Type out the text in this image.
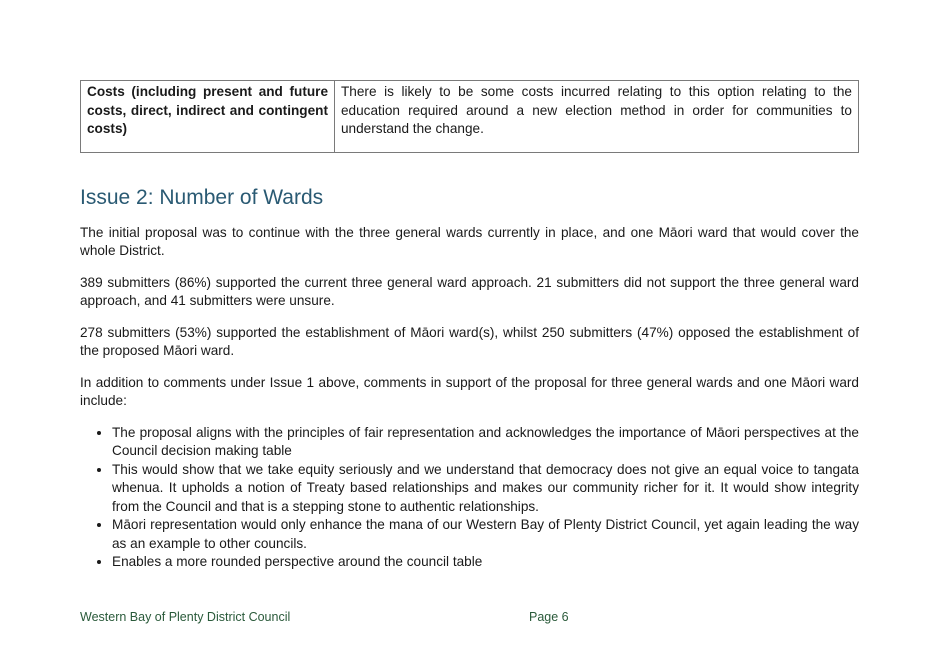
Costs (including present and future costs, direct, indirect and contingent costs)	There is likely to be some costs incurred relating to this option relating to the education required around a new election method in order for communities to understand the change.
Issue 2: Number of Wards

The initial proposal was to continue with the three general wards currently in place, and one Māori ward that would cover the whole District.

389 submitters (86%) supported the current three general ward approach. 21 submitters did not support the three general ward approach, and 41 submitters were unsure.

278 submitters (53%) supported the establishment of Māori ward(s), whilst 250 submitters (47%) opposed the establishment of the proposed Māori ward.

In addition to comments under Issue 1 above, comments in support of the proposal for three general wards and one Māori ward include:

• The proposal aligns with the principles of fair representation and acknowledges the importance of Māori perspectives at the Council decision making table
• This would show that we take equity seriously and we understand that democracy does not give an equal voice to tangata whenua. It upholds a notion of Treaty based relationships and makes our community richer for it. It would show integrity from the Council and that is a stepping stone to authentic relationships.
• Māori representation would only enhance the mana of our Western Bay of Plenty District Council, yet again leading the way as an example to other councils.
• Enables a more rounded perspective around the council table
Western Bay of Plenty District Council	Page 6
